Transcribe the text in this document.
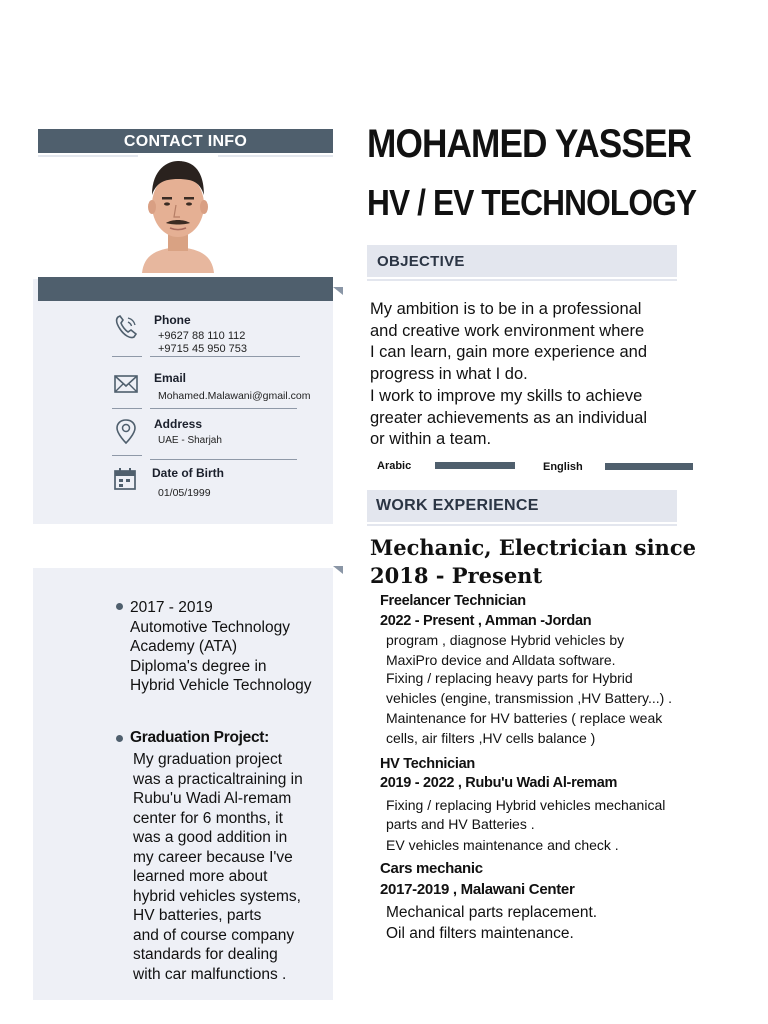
CONTACT INFO
Phone
+9627 88 110 112
+9715 45 950 753
Email
Mohamed.Malawani@gmail.com
Address
UAE - Sharjah
Date of Birth
01/05/1999
2017 - 2019
Automotive Technology
Academy (ATA)
Diploma's degree in
Hybrid Vehicle Technology
Graduation Project:
My graduation project
was a practicaltraining in
Rubu'u Wadi Al-remam
center for 6 months, it
was a good addition in
my career because I've
learned more about
hybrid vehicles systems,
HV batteries, parts
and of course company
standards for dealing
with car malfunctions .
MOHAMED YASSER
HV / EV TECHNOLOGY
OBJECTIVE
My ambition is to be in a professional
and creative work environment where
I can learn, gain more experience and
progress in what I do.
I work to improve my skills to achieve
greater achievements as an individual
or within a team.
Arabic	English
WORK EXPERIENCE
Mechanic, Electrician since
2018 - Present
Freelancer Technician
2022 - Present , Amman -Jordan
program , diagnose Hybrid vehicles by
MaxiPro device and Alldata software.
Fixing / replacing heavy parts for Hybrid
vehicles (engine, transmission ,HV Battery...) .
Maintenance for HV batteries ( replace weak
cells, air filters ,HV cells balance )
HV Technician
2019 - 2022 , Rubu'u Wadi Al-remam
Fixing / replacing Hybrid vehicles mechanical
parts and HV Batteries .
EV vehicles maintenance and check .
Cars mechanic
2017-2019 , Malawani Center
Mechanical parts replacement.
Oil and filters maintenance.
